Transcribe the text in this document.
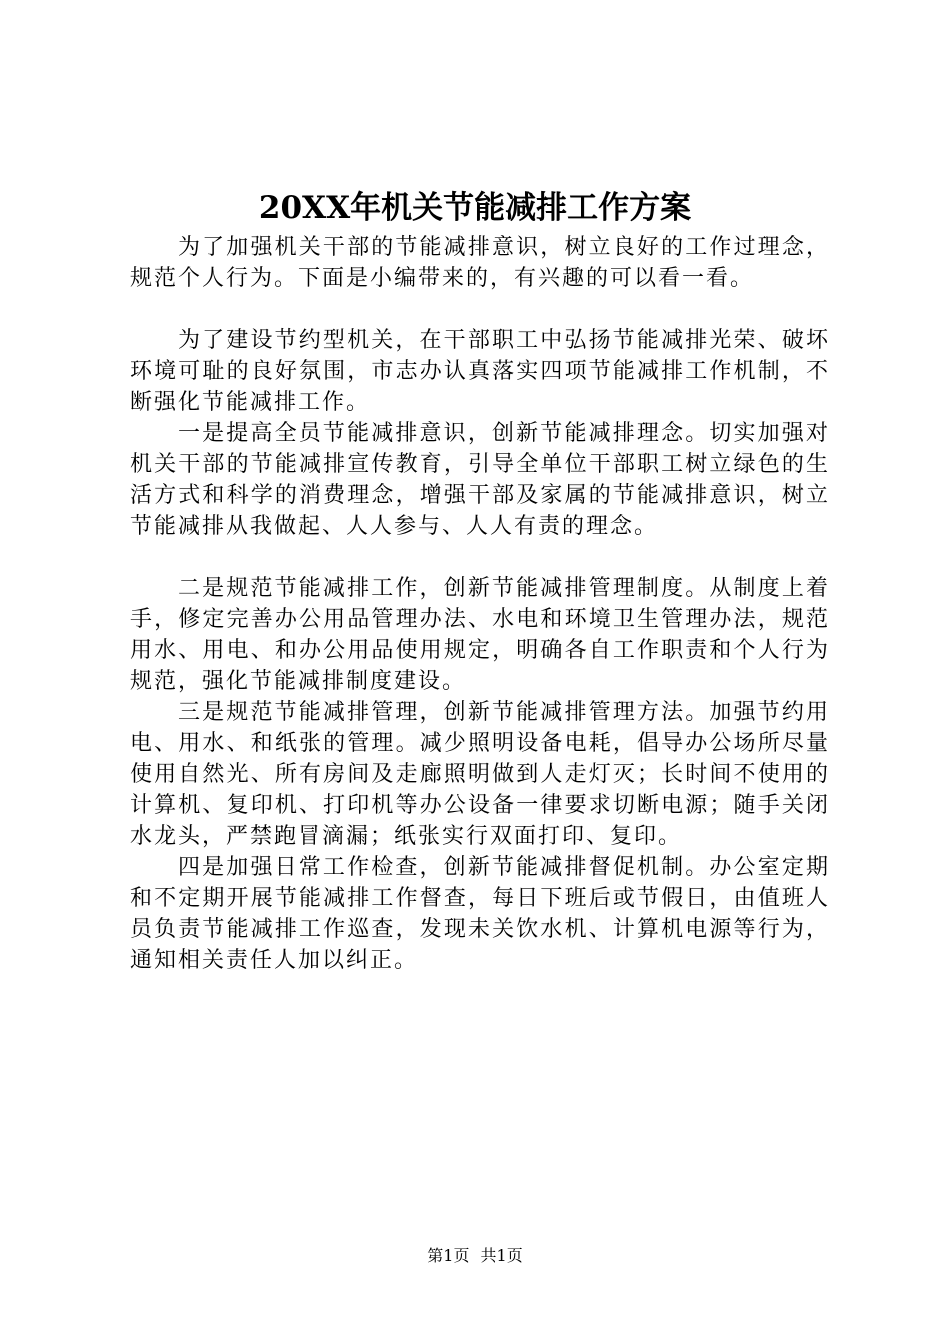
20XX年机关节能减排工作方案

为了加强机关干部的节能减排意识，树立良好的工作过理念，规范个人行为。下面是小编带来的，有兴趣的可以看一看。

为了建设节约型机关，在干部职工中弘扬节能减排光荣、破坏环境可耻的良好氛围，市志办认真落实四项节能减排工作机制，不断强化节能减排工作。

一是提高全员节能减排意识，创新节能减排理念。切实加强对机关干部的节能减排宣传教育，引导全单位干部职工树立绿色的生活方式和科学的消费理念，增强干部及家属的节能减排意识，树立节能减排从我做起、人人参与、人人有责的理念。

二是规范节能减排工作，创新节能减排管理制度。从制度上着手，修定完善办公用品管理办法、水电和环境卫生管理办法，规范用水、用电、和办公用品使用规定，明确各自工作职责和个人行为规范，强化节能减排制度建设。

三是规范节能减排管理，创新节能减排管理方法。加强节约用电、用水、和纸张的管理。减少照明设备电耗，倡导办公场所尽量使用自然光、所有房间及走廊照明做到人走灯灭；长时间不使用的计算机、复印机、打印机等办公设备一律要求切断电源；随手关闭水龙头，严禁跑冒滴漏；纸张实行双面打印、复印。

四是加强日常工作检查，创新节能减排督促机制。办公室定期和不定期开展节能减排工作督查，每日下班后或节假日，由值班人员负责节能减排工作巡查，发现未关饮水机、计算机电源等行为，通知相关责任人加以纠正。

第1页 共1页
